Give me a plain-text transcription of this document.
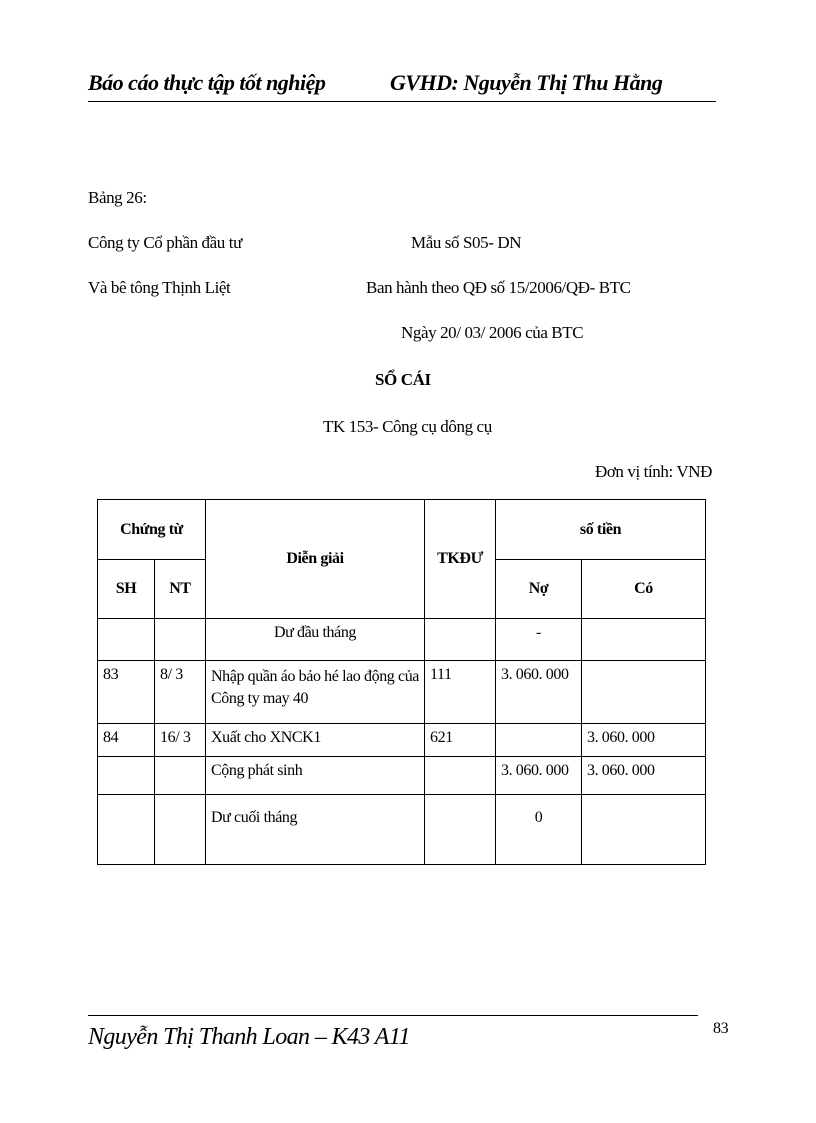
Báo cáo thực tập tốt nghiệp	GVHD: Nguyễn Thị Thu Hằng
Bảng 26:
Công ty Cổ phần đầu tư
Và bê tông Thịnh Liệt
Mẫu số S05- DN
Ban hành theo QĐ số 15/2006/QĐ- BTC
Ngày 20/ 03/ 2006 của BTC
SỔ CÁI
TK 153- Công cụ dông cụ
Đơn vị tính: VNĐ
Chứng từ		Diễn giải	TKĐƯ	số tiền	
SH	NT			Nợ	Có
		Dư đầu tháng		-	
83	8/ 3	Nhập quần áo bảo hé lao động của Công ty may 40	111	3. 060. 000	
84	16/ 3	Xuất cho XNCK1	621		3. 060. 000
		Cộng phát sinh		3. 060. 000	3. 060. 000
		Dư cuối tháng		0	
Nguyễn Thị Thanh Loan – K43 A11	83
